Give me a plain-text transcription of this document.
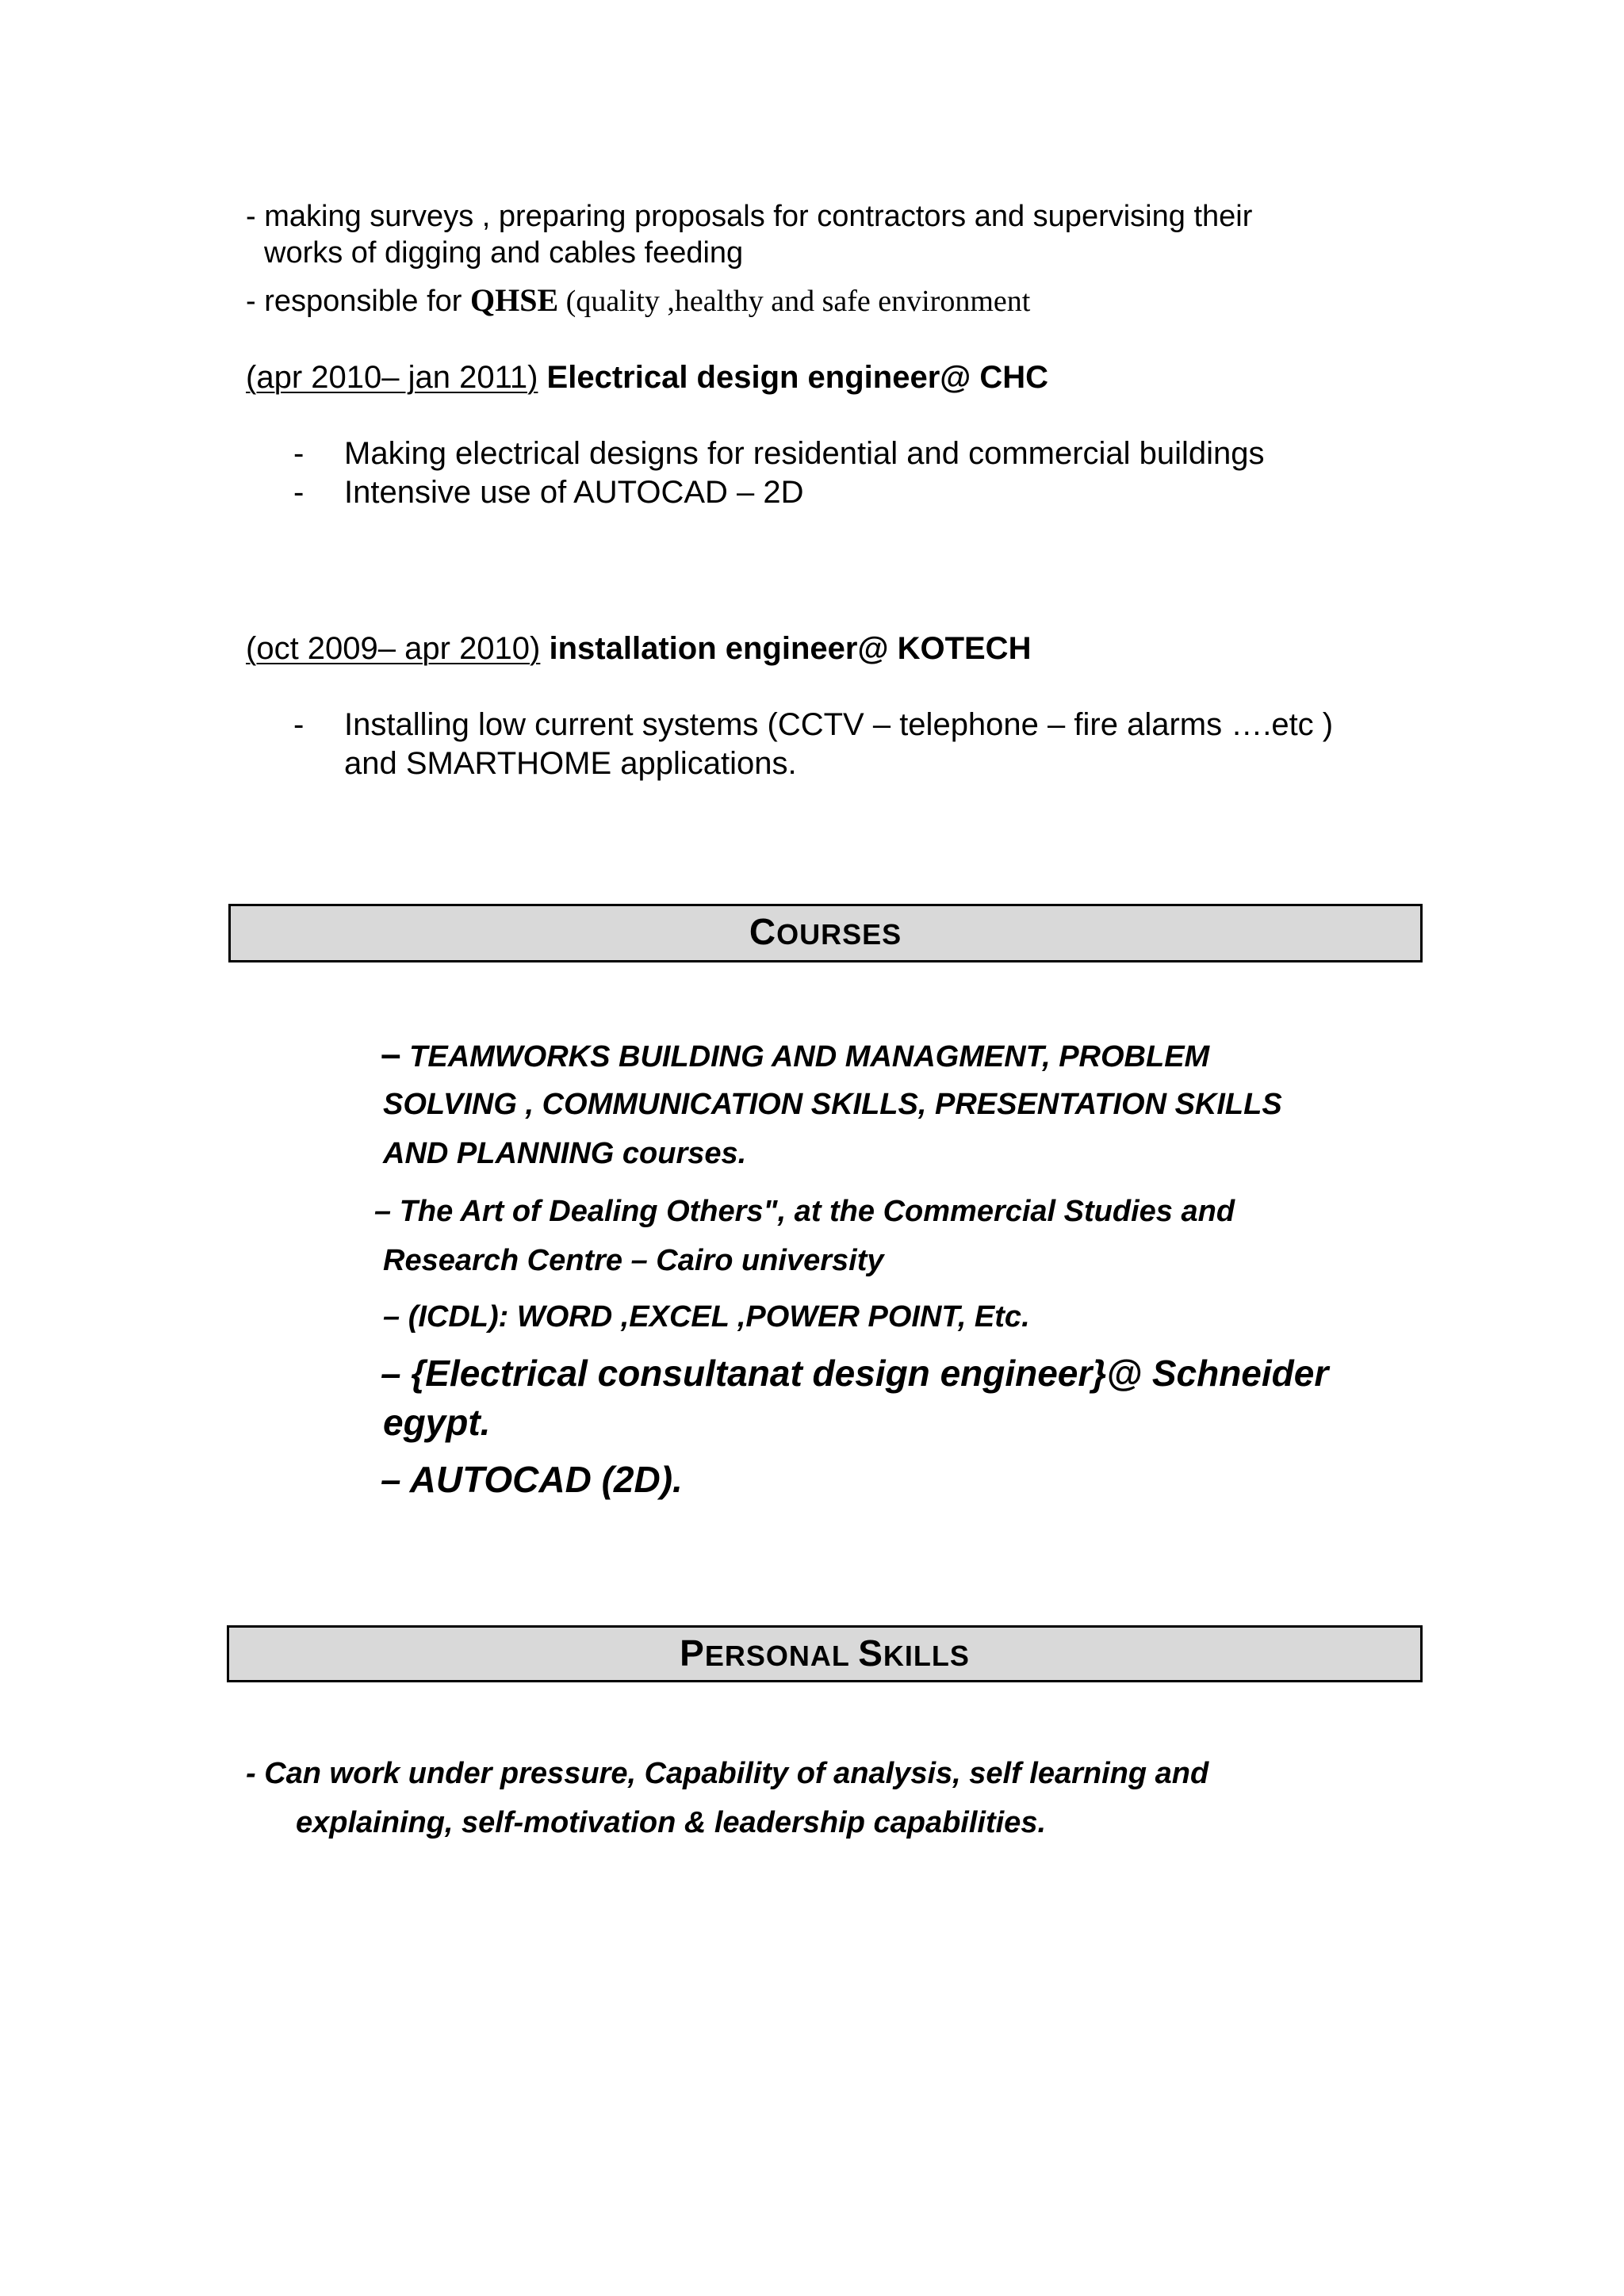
- making surveys , preparing proposals for contractors and supervising their
works of digging and cables feeding
- responsible for QHSE (quality ,healthy and safe environment
(apr 2010– jan 2011) Electrical design engineer@ CHC
- Making electrical designs for residential and commercial buildings
- Intensive use of AUTOCAD – 2D
(oct 2009– apr 2010) installation engineer@ KOTECH
- Installing low current systems (CCTV – telephone – fire alarms ….etc )
and SMARTHOME applications.
COURSES
– TEAMWORKS BUILDING AND MANAGMENT, PROBLEM
SOLVING , COMMUNICATION SKILLS, PRESENTATION SKILLS
AND PLANNING courses.
– The Art of Dealing Others", at the Commercial Studies and
Research Centre – Cairo university
– (ICDL): WORD ,EXCEL ,POWER POINT, Etc.
– {Electrical consultanat design engineer}@ Schneider
egypt.
– AUTOCAD (2D).
PERSONAL SKILLS
- Can work under pressure, Capability of analysis, self learning and
explaining, self-motivation & leadership capabilities.
